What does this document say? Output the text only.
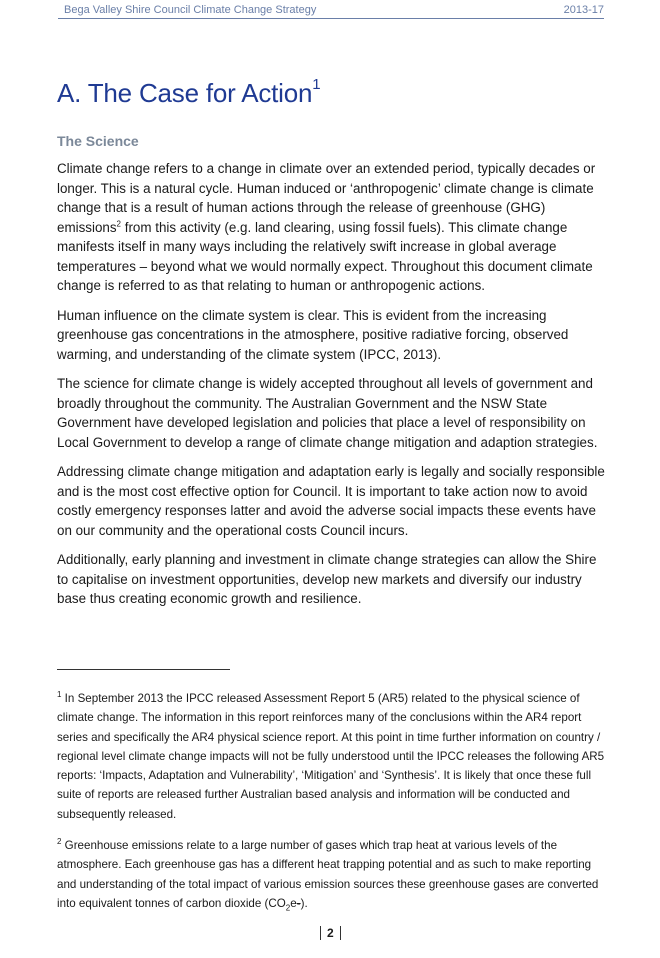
Bega Valley Shire Council Climate Change Strategy	2013-17
A. The Case for Action$^1$
The Science

Climate change refers to a change in climate over an extended period, typically decades or longer. This is a natural cycle. Human induced or ‘anthropogenic’ climate change is climate change that is a result of human actions through the release of greenhouse (GHG) emissions$^2$ from this activity (e.g. land clearing, using fossil fuels). This climate change manifests itself in many ways including the relatively swift increase in global average temperatures – beyond what we would normally expect. Throughout this document climate change is referred to as that relating to human or anthropogenic actions.

Human influence on the climate system is clear. This is evident from the increasing greenhouse gas concentrations in the atmosphere, positive radiative forcing, observed warming, and understanding of the climate system (IPCC, 2013).

The science for climate change is widely accepted throughout all levels of government and broadly throughout the community. The Australian Government and the NSW State Government have developed legislation and policies that place a level of responsibility on Local Government to develop a range of climate change mitigation and adaption strategies.

Addressing climate change mitigation and adaptation early is legally and socially responsible and is the most cost effective option for Council. It is important to take action now to avoid costly emergency responses latter and avoid the adverse social impacts these events have on our community and the operational costs Council incurs.

Additionally, early planning and investment in climate change strategies can allow the Shire to capitalise on investment opportunities, develop new markets and diversify our industry base thus creating economic growth and resilience.

$^1$ In September 2013 the IPCC released Assessment Report 5 (AR5) related to the physical science of climate change. The information in this report reinforces many of the conclusions within the AR4 report series and specifically the AR4 physical science report. At this point in time further information on country / regional level climate change impacts will not be fully understood until the IPCC releases the following AR5 reports: ‘Impacts, Adaptation and Vulnerability’, ‘Mitigation’ and ‘Synthesis’. It is likely that once these full suite of reports are released further Australian based analysis and information will be conducted and subsequently released.

$^2$ Greenhouse emissions relate to a large number of gases which trap heat at various levels of the atmosphere. Each greenhouse gas has a different heat trapping potential and as such to make reporting and understanding of the total impact of various emission sources these greenhouse gases are converted into equivalent tonnes of carbon dioxide $(CO_2e-)$.

2
